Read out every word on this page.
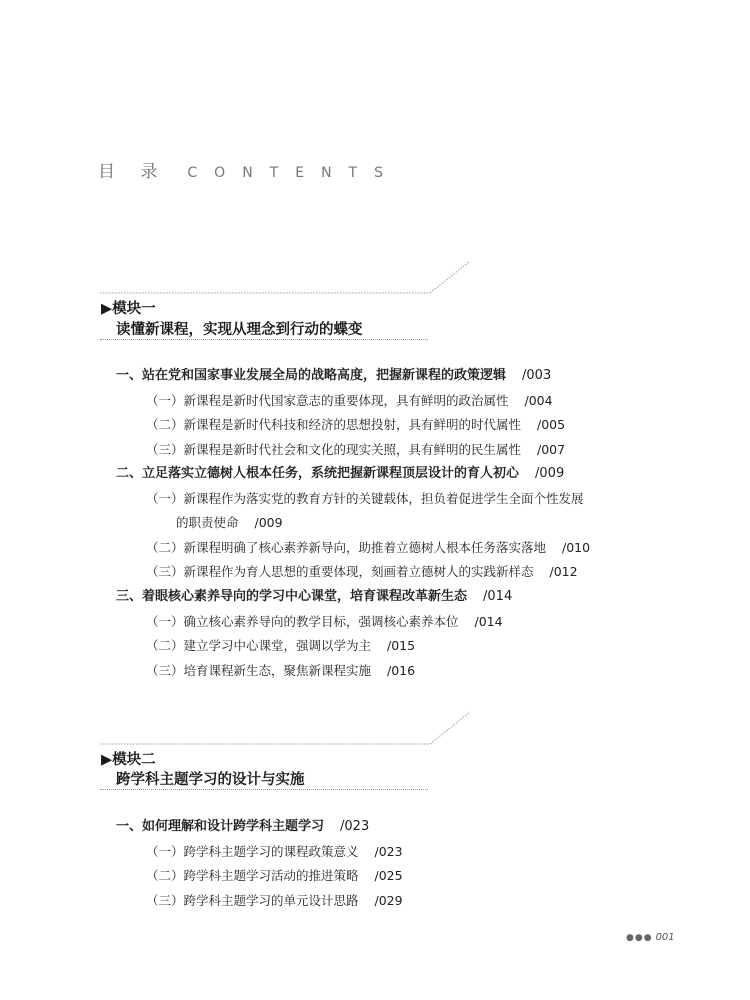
目 录 CONTENTS
▶模块一
读懂新课程，实现从理念到行动的蝶变
一、站在党和国家事业发展全局的战略高度，把握新课程的政策逻辑 /003
（一）新课程是新时代国家意志的重要体现，具有鲜明的政治属性 /004
（二）新课程是新时代科技和经济的思想投射，具有鲜明的时代属性 /005
（三）新课程是新时代社会和文化的现实关照，具有鲜明的民生属性 /007
二、立足落实立德树人根本任务，系统把握新课程顶层设计的育人初心 /009
（一）新课程作为落实党的教育方针的关键载体，担负着促进学生全面个性发展
的职责使命 /009
（二）新课程明确了核心素养新导向，助推着立德树人根本任务落实落地 /010
（三）新课程作为育人思想的重要体现，刻画着立德树人的实践新样态 /012
三、着眼核心素养导向的学习中心课堂，培育课程改革新生态 /014
（一）确立核心素养导向的教学目标，强调核心素养本位 /014
（二）建立学习中心课堂，强调以学为主 /015
（三）培育课程新生态，聚焦新课程实施 /016
▶模块二
跨学科主题学习的设计与实施
一、如何理解和设计跨学科主题学习 /023
（一）跨学科主题学习的课程政策意义 /023
（二）跨学科主题学习活动的推进策略 /025
（三）跨学科主题学习的单元设计思路 /029
●●● 001
